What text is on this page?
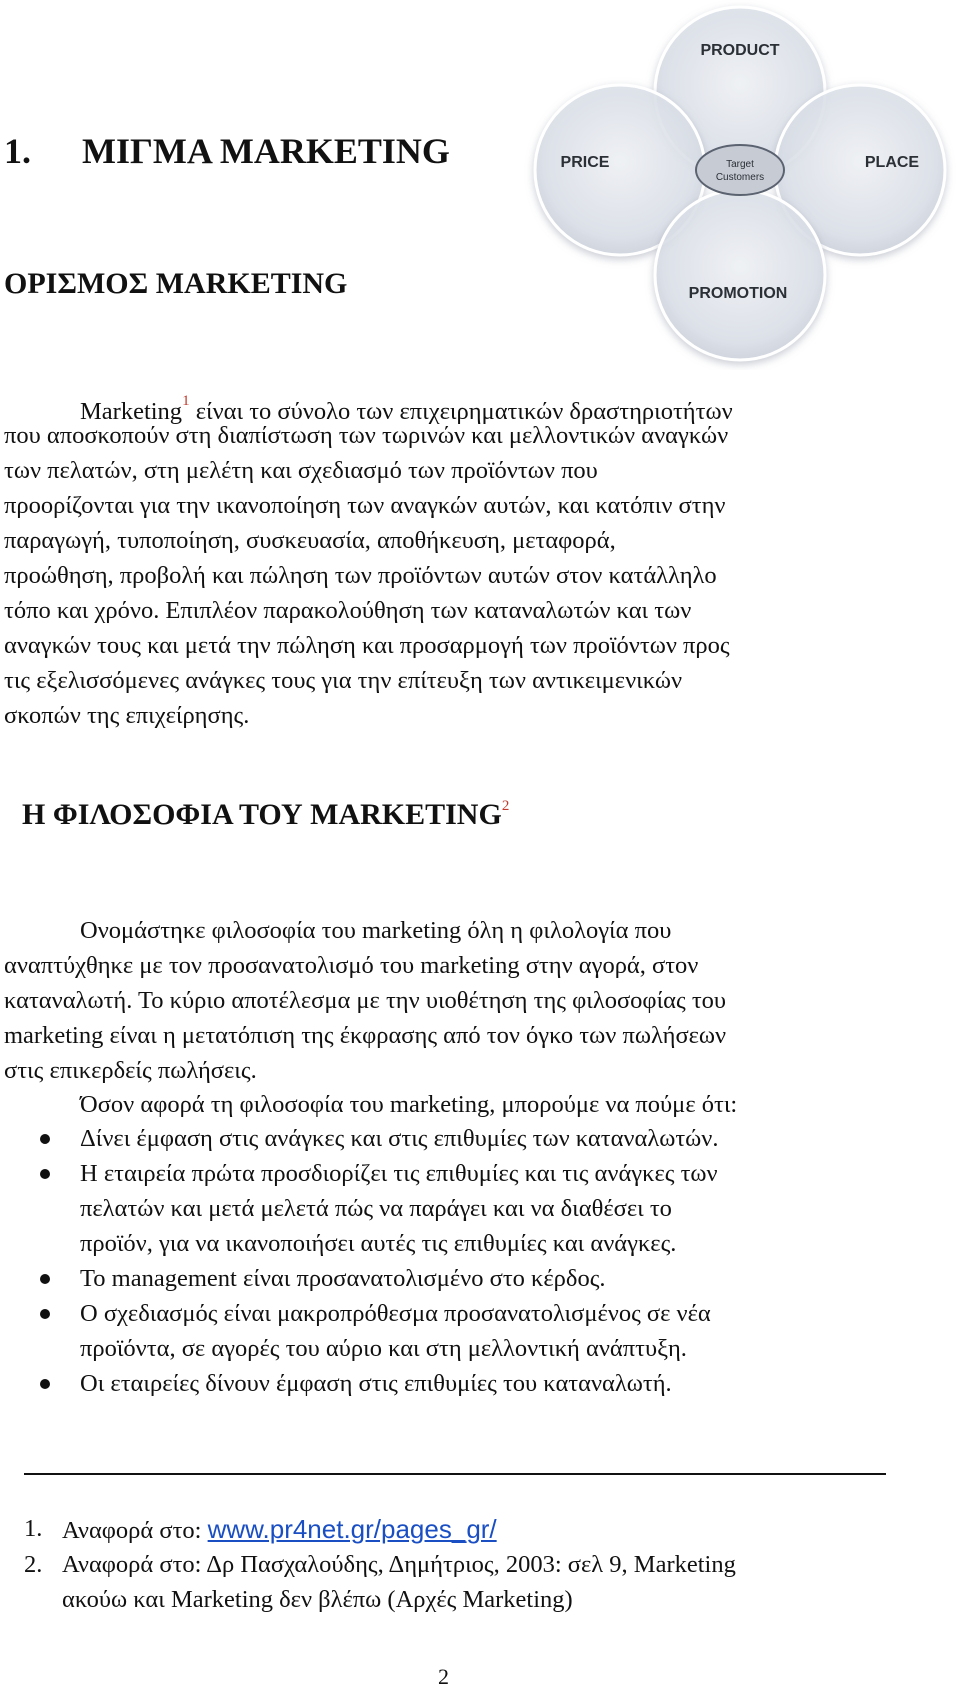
1. ΜΙΓΜΑ MARKETING
PRODUCT
PRICE	PLACE
PROMOTION
Target
Customers
ΟΡΙΣΜΟΣ MARKETING
Marketing$^1$ είναι το σύνολο των επιχειρηματικών δραστηριοτήτων
που αποσκοπούν στη διαπίστωση των τωρινών και μελλοντικών αναγκών
των πελατών, στη μελέτη και σχεδιασμό των προϊόντων που
προορίζονται για την ικανοποίηση των αναγκών αυτών, και κατόπιν στην
παραγωγή, τυποποίηση, συσκευασία, αποθήκευση, μεταφορά,
προώθηση, προβολή και πώληση των προϊόντων αυτών στον κατάλληλο
τόπο και χρόνο. Επιπλέον παρακολούθηση των καταναλωτών και των
αναγκών τους και μετά την πώληση και προσαρμογή των προϊόντων προς
τις εξελισσόμενες ανάγκες τους για την επίτευξη των αντικειμενικών
σκοπών της επιχείρησης.
Η ΦΙΛΟΣΟΦΙΑ ΤΟΥ MARKETING$^2$
Ονομάστηκε φιλοσοφία του marketing όλη η φιλολογία που
αναπτύχθηκε με τον προσανατολισμό του marketing στην αγορά, στον
καταναλωτή. Το κύριο αποτέλεσμα με την υιοθέτηση της φιλοσοφίας του
marketing είναι η μετατόπιση της έκφρασης από τον όγκο των πωλήσεων
στις επικερδείς πωλήσεις.
Όσον αφορά τη φιλοσοφία του marketing, μπορούμε να πούμε ότι:
Δίνει έμφαση στις ανάγκες και στις επιθυμίες των καταναλωτών.
Η εταιρεία πρώτα προσδιορίζει τις επιθυμίες και τις ανάγκες των
πελατών και μετά μελετά πώς να παράγει και να διαθέσει το
προϊόν, για να ικανοποιήσει αυτές τις επιθυμίες και ανάγκες.
Το management είναι προσανατολισμένο στο κέρδος.
Ο σχεδιασμός είναι μακροπρόθεσμα προσανατολισμένος σε νέα
προϊόντα, σε αγορές του αύριο και στη μελλοντική ανάπτυξη.
Οι εταιρείες δίνουν έμφαση στις επιθυμίες του καταναλωτή.
1. Αναφορά στο: www.pr4net.gr/pages_gr/
2. Αναφορά στο: Δρ Πασχαλούδης, Δημήτριος, 2003: σελ 9, Marketing
ακούω και Marketing δεν βλέπω (Αρχές Marketing)
2
